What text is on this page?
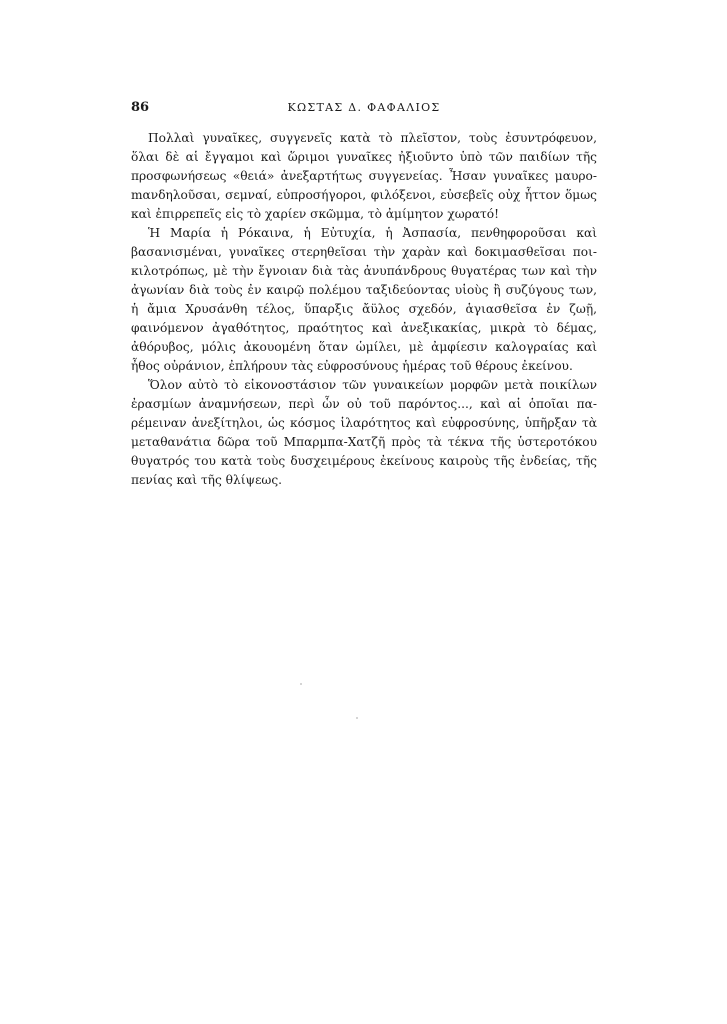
86	ΚΩΣΤΑΣ Δ. ΦΑΦΑΛΙΟΣ

Πολλαὶ γυναῖκες, συγγενεῖς κατὰ τὸ πλεῖστον, τοὺς ἐσυντρόφευον, ὅλαι δὲ αἱ ἔγγαμοι καὶ ὥριμοι γυναῖκες ἠξιοῦντο ὑπὸ τῶν παιδίων τῆς προσφωνήσεως «θειά» ἀνεξαρτήτως συγγενείας. Ἦσαν γυναῖκες μαυροmανδηλοῦσαι, σεμναί, εὐπροσήγοροι, φιλόξενοι, εὐσεβεῖς οὐχ ἧττον ὅμως καὶ ἐπιρρεπεῖς εἰς τὸ χαρίεν σκῶμμα, τὸ ἀμίμητον χωρατό!

Ἡ Μαρία ἡ Ρόκαινα, ἡ Εὐτυχία, ἡ Ἀσπασία, πενθηφοροῦσαι καὶ βασανισμέναι, γυναῖκες στερηθεῖσαι τὴν χαρὰν καὶ δοκιμασθεῖσαι ποικιλοτρόπως, μὲ τὴν ἔγνοιαν διὰ τὰς ἀνυπάνδρους θυγατέρας των καὶ τὴν ἀγωνίαν διὰ τοὺς ἐν καιρῷ πολέμου ταξιδεύοντας υἱοὺς ἢ συζύγους των, ἡ ἄμια Χρυσάνθη τέλος, ὕπαρξις ἄϋλος σχεδόν, ἁγιασθεῖσα ἐν ζωῇ, φαινόμενον ἀγαθότητος, πραότητος καὶ ἀνεξικακίας, μικρὰ τὸ δέμας, ἀθόρυβος, μόλις ἀκουομένη ὅταν ὡμίλει, μὲ ἀμφίεσιν καλογραίας καὶ ἦθος οὐράνιον, ἐπλήρουν τὰς εὐφροσύνους ἡμέρας τοῦ θέρους ἐκείνου.

Ὅλον αὐτὸ τὸ εἰκονοστάσιον τῶν γυναικείων μορφῶν μετὰ ποικίλων ἐρασμίων ἀναμνήσεων, περὶ ὧν οὐ τοῦ παρόντος..., καὶ αἱ ὁποῖαι παρέμειναν ἀνεξίτηλοι, ὡς κόσμος ἱλαρότητος καὶ εὐφροσύνης, ὑπῆρξαν τὰ μεταθανάτια δῶρα τοῦ Μπαρμπα-Χατζῆ πρὸς τὰ τέκνα τῆς ὑστεροτόκου θυγατρός του κατὰ τοὺς δυσχειμέρους ἐκείνους καιροὺς τῆς ἐνδείας, τῆς πενίας καὶ τῆς θλίψεως.
